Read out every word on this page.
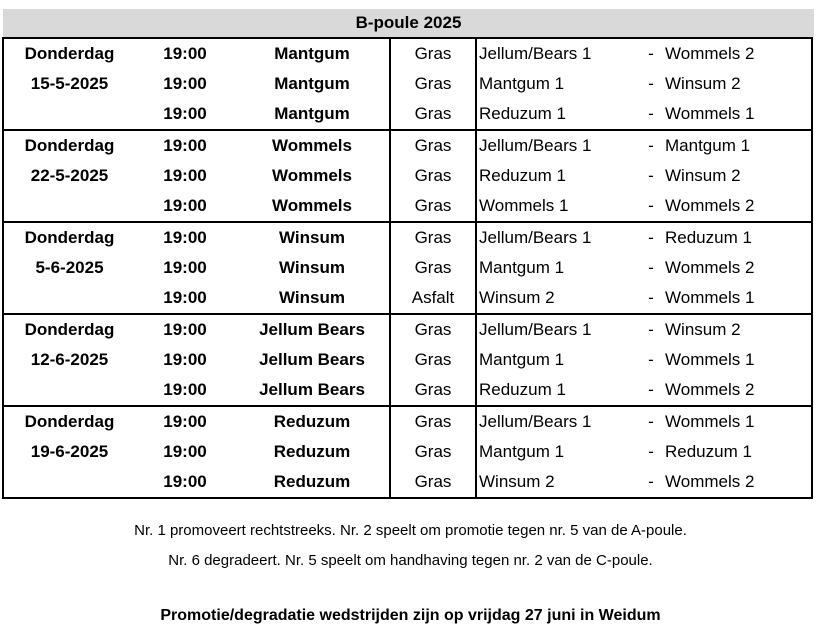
B-poule 2025
Donderdag	19:00	Mantgum	Gras	Jellum/Bears 1	-	Wommels 2
15-5-2025	19:00	Mantgum	Gras	Mantgum 1	-	Winsum 2
	19:00	Mantgum	Gras	Reduzum 1	-	Wommels 1
Donderdag	19:00	Wommels	Gras	Jellum/Bears 1	-	Mantgum 1
22-5-2025	19:00	Wommels	Gras	Reduzum 1	-	Winsum 2
	19:00	Wommels	Gras	Wommels 1	-	Wommels 2
Donderdag	19:00	Winsum	Gras	Jellum/Bears 1	-	Reduzum 1
5-6-2025	19:00	Winsum	Gras	Mantgum 1	-	Wommels 2
	19:00	Winsum	Asfalt	Winsum 2	-	Wommels 1
Donderdag	19:00	Jellum Bears	Gras	Jellum/Bears 1	-	Winsum 2
12-6-2025	19:00	Jellum Bears	Gras	Mantgum 1	-	Wommels 1
	19:00	Jellum Bears	Gras	Reduzum 1	-	Wommels 2
Donderdag	19:00	Reduzum	Gras	Jellum/Bears 1	-	Wommels 1
19-6-2025	19:00	Reduzum	Gras	Mantgum 1	-	Reduzum 1
	19:00	Reduzum	Gras	Winsum 2	-	Wommels 2

Nr. 1 promoveert rechtstreeks. Nr. 2 speelt om promotie tegen nr. 5 van de A-poule.

Nr. 6 degradeert. Nr. 5 speelt om handhaving tegen nr. 2 van de C-poule.

Promotie/degradatie wedstrijden zijn op vrijdag 27 juni in Weidum
